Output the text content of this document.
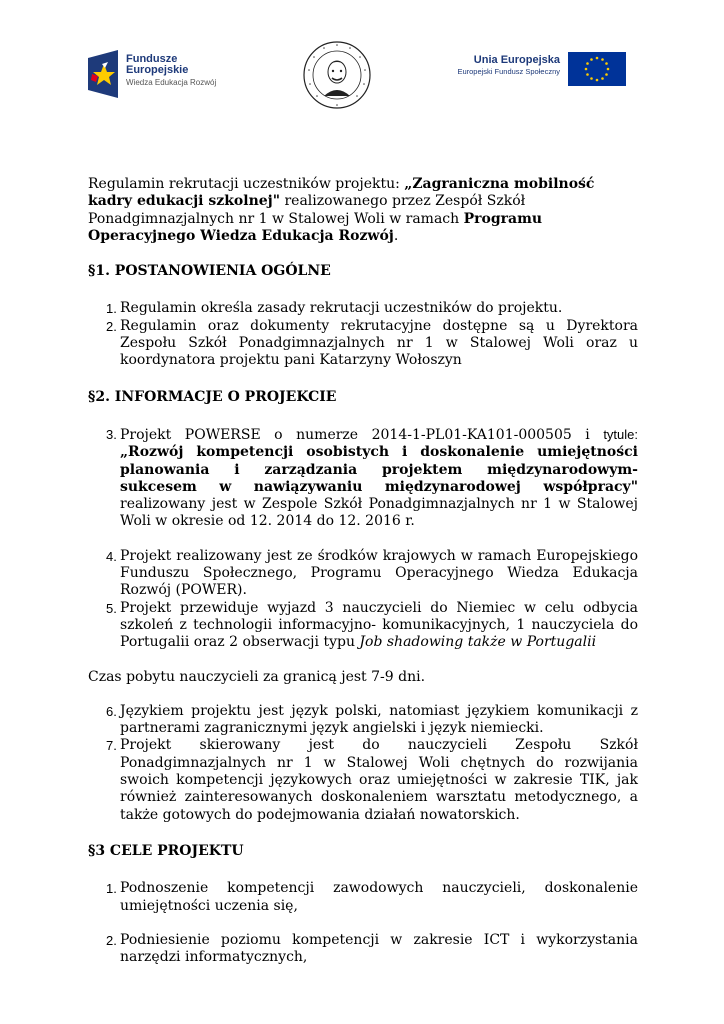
Fundusze
Europejskie
Wiedza Edukacja Rozwój
Unia Europejska
Europejski Fundusz Społeczny

Regulamin rekrutacji uczestników projektu: „Zagraniczna mobilność kadry edukacji szkolnej" realizowanego przez Zespół Szkół Ponadgimnazjalnych nr 1 w Stalowej Woli w ramach Programu Operacyjnego Wiedza Edukacja Rozwój.

§1. POSTANOWIENIA OGÓLNE
1. Regulamin określa zasady rekrutacji uczestników do projektu.
2. Regulamin oraz dokumenty rekrutacyjne dostępne są u Dyrektora Zespołu Szkół Ponadgimnazjalnych nr 1 w Stalowej Woli oraz u koordynatora projektu pani Katarzyny Wołoszyn
§2. INFORMACJE O PROJEKCIE
3. Projekt POWERSE o numerze 2014-1-PL01-KA101-000505 i tytule: „Rozwój kompetencji osobistych i doskonalenie umiejętności planowania i zarządzania projektem międzynarodowym- sukcesem w nawiązywaniu międzynarodowej współpracy" realizowany jest w Zespole Szkół Ponadgimnazjalnych nr 1 w Stalowej Woli w okresie od 12. 2014 do 12. 2016 r.
4. Projekt realizowany jest ze środków krajowych w ramach Europejskiego Funduszu Społecznego, Programu Operacyjnego Wiedza Edukacja Rozwój (POWER).
5. Projekt przewiduje wyjazd 3 nauczycieli do Niemiec w celu odbycia szkoleń z technologii informacyjno- komunikacyjnych, 1 nauczyciela do Portugalii oraz 2 obserwacji typu Job shadowing także w Portugalii

Czas pobytu nauczycieli za granicą jest 7-9 dni.

6. Językiem projektu jest język polski, natomiast językiem komunikacji z partnerami zagranicznymi język angielski i język niemiecki.
7. Projekt skierowany jest do nauczycieli Zespołu Szkół Ponadgimnazjalnych nr 1 w Stalowej Woli chętnych do rozwijania swoich kompetencji językowych oraz umiejętności w zakresie TIK, jak również zainteresowanych doskonaleniem warsztatu metodycznego, a także gotowych do podejmowania działań nowatorskich.
§3 CELE PROJEKTU
1. Podnoszenie kompetencji zawodowych nauczycieli, doskonalenie umiejętności uczenia się,
2. Podniesienie poziomu kompetencji w zakresie ICT i wykorzystania narzędzi informatycznych,
